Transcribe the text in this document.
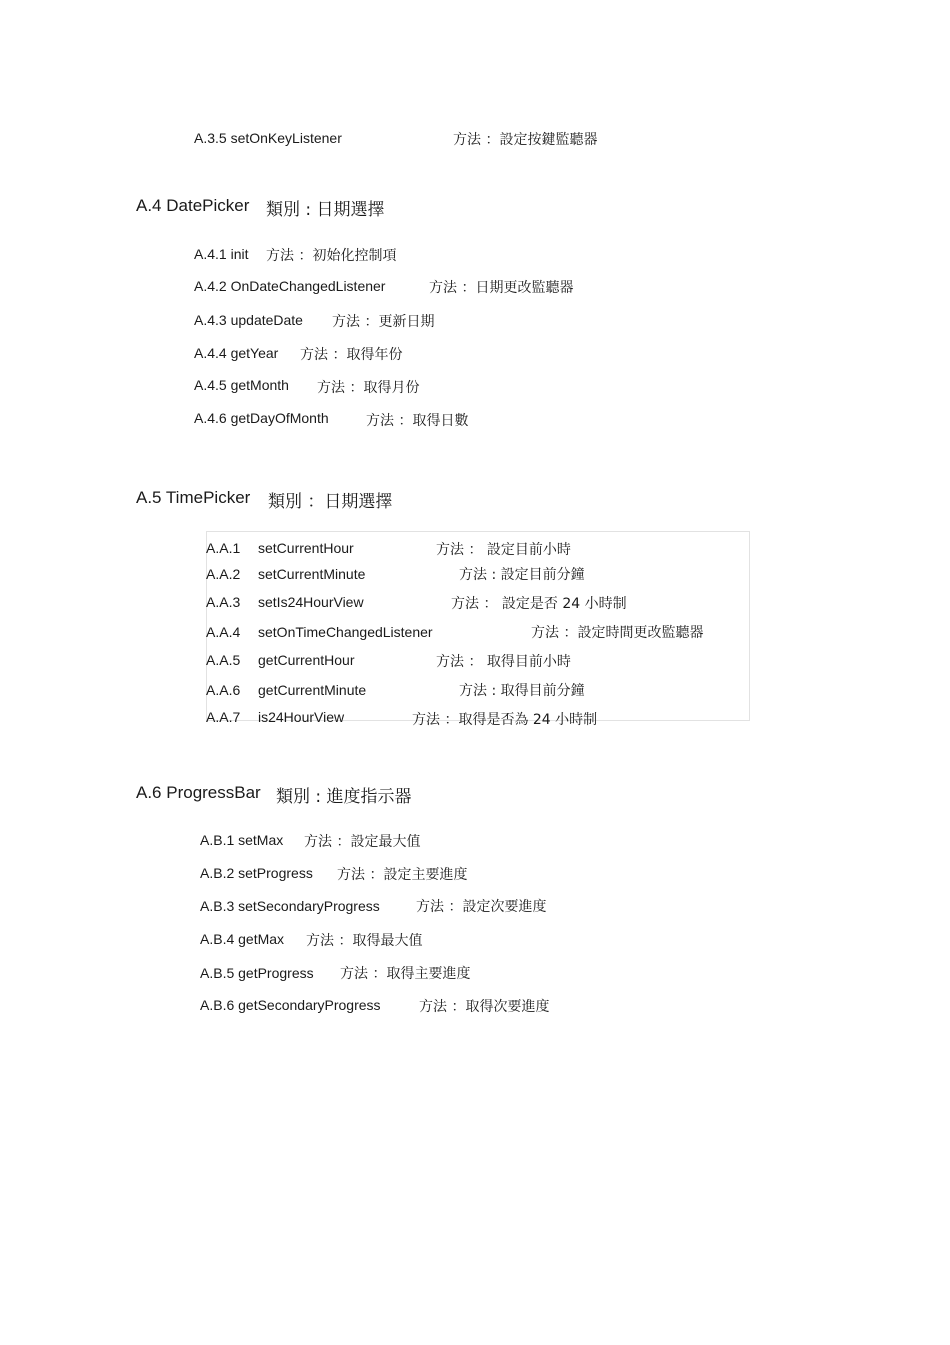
A.3.5 setOnKeyListener	方法 ：設定按鍵監聽器
A.4 DatePicker 類別 : 日期選擇
A.4.1 init 方法 ：初始化控制項
A.4.2 OnDateChangedListener	方法 ：日期更改監聽器
A.4.3 updateDate 方法 ：更新日期
A.4.4 getYear 方法 ：取得年份
A.4.5 getMonth 方法 ：取得月份
A.4.6 getDayOfMonth	方法 ：取得日數
A.5 TimePicker 類別 ：日期選擇
A.A.1 setCurrentHour	方法 ： 設定目前小時
A.A.2 setCurrentMinute	方法 : 設定目前分鐘
A.A.3 setIs24HourView	方法 ： 設定是否 24 小時制
A.A.4 setOnTimeChangedListener	方法 ：設定時間更改監聽器
A.A.5 getCurrentHour	方法 ： 取得目前小時
A.A.6 getCurrentMinute	方法 : 取得目前分鐘
A.A.7 is24HourView	方法 ：取得是否為 24 小時制
A.6 ProgressBar 類別 : 進度指示器
A.B.1 setMax 方法 ：設定最大值
A.B.2 setProgress 方法 ：設定主要進度
A.B.3 setSecondaryProgress	方法 ：設定次要進度
A.B.4 getMax 方法 ：取得最大值
A.B.5 getProgress 方法 ：取得主要進度
A.B.6 getSecondaryProgress	方法 ：取得次要進度
